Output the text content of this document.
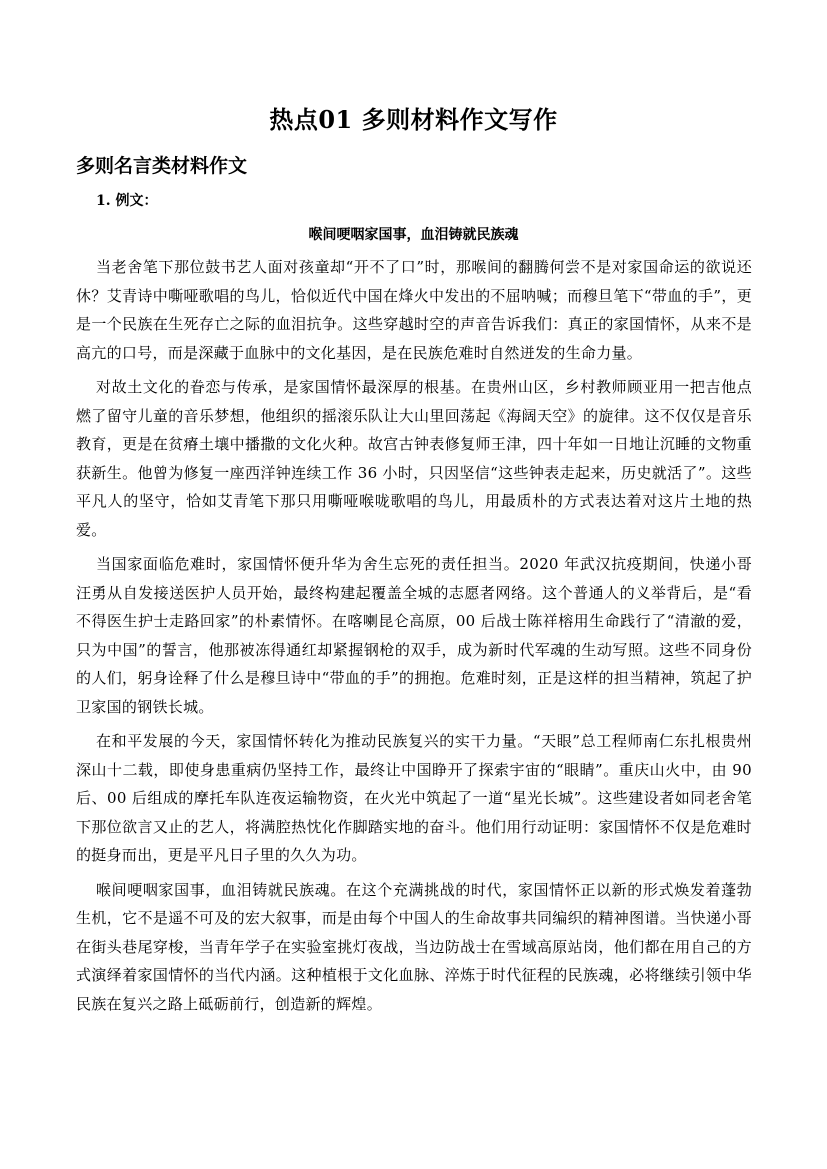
热点01 多则材料作文写作
多则名言类材料作文
1. 例文：
喉间哽咽家国事，血泪铸就民族魂

当老舍笔下那位鼓书艺人面对孩童却“开不了口”时，那喉间的翻腾何尝不是对家国命运的欲说还休？艾青诗中嘶哑歌唱的鸟儿，恰似近代中国在烽火中发出的不屈呐喊；而穆旦笔下“带血的手”，更是一个民族在生死存亡之际的血泪抗争。这些穿越时空的声音告诉我们：真正的家国情怀，从来不是高亢的口号，而是深藏于血脉中的文化基因，是在民族危难时自然迸发的生命力量。

对故土文化的眷恋与传承，是家国情怀最深厚的根基。在贵州山区，乡村教师顾亚用一把吉他点燃了留守儿童的音乐梦想，他组织的摇滚乐队让大山里回荡起《海阔天空》的旋律。这不仅仅是音乐教育，更是在贫瘠土壤中播撒的文化火种。故宫古钟表修复师王津，四十年如一日地让沉睡的文物重获新生。他曾为修复一座西洋钟连续工作 36 小时，只因坚信“这些钟表走起来，历史就活了”。这些平凡人的坚守，恰如艾青笔下那只用嘶哑喉咙歌唱的鸟儿，用最质朴的方式表达着对这片土地的热爱。

当国家面临危难时，家国情怀便升华为舍生忘死的责任担当。2020 年武汉抗疫期间，快递小哥汪勇从自发接送医护人员开始，最终构建起覆盖全城的志愿者网络。这个普通人的义举背后，是“看不得医生护士走路回家”的朴素情怀。在喀喇昆仑高原，00 后战士陈祥榕用生命践行了“清澈的爱，只为中国”的誓言，他那被冻得通红却紧握钢枪的双手，成为新时代军魂的生动写照。这些不同身份的人们，躬身诠释了什么是穆旦诗中“带血的手”的拥抱。危难时刻，正是这样的担当精神，筑起了护卫家国的钢铁长城。

在和平发展的今天，家国情怀转化为推动民族复兴的实干力量。“天眼”总工程师南仁东扎根贵州深山十二载，即使身患重病仍坚持工作，最终让中国睁开了探索宇宙的“眼睛”。重庆山火中，由 90 后、00 后组成的摩托车队连夜运输物资，在火光中筑起了一道“星光长城”。这些建设者如同老舍笔下那位欲言又止的艺人，将满腔热忱化作脚踏实地的奋斗。他们用行动证明：家国情怀不仅是危难时的挺身而出，更是平凡日子里的久久为功。

喉间哽咽家国事，血泪铸就民族魂。在这个充满挑战的时代，家国情怀正以新的形式焕发着蓬勃生机，它不是遥不可及的宏大叙事，而是由每个中国人的生命故事共同编织的精神图谱。当快递小哥在街头巷尾穿梭，当青年学子在实验室挑灯夜战，当边防战士在雪域高原站岗，他们都在用自己的方式演绎着家国情怀的当代内涵。这种植根于文化血脉、淬炼于时代征程的民族魂，必将继续引领中华民族在复兴之路上砥砺前行，创造新的辉煌。
